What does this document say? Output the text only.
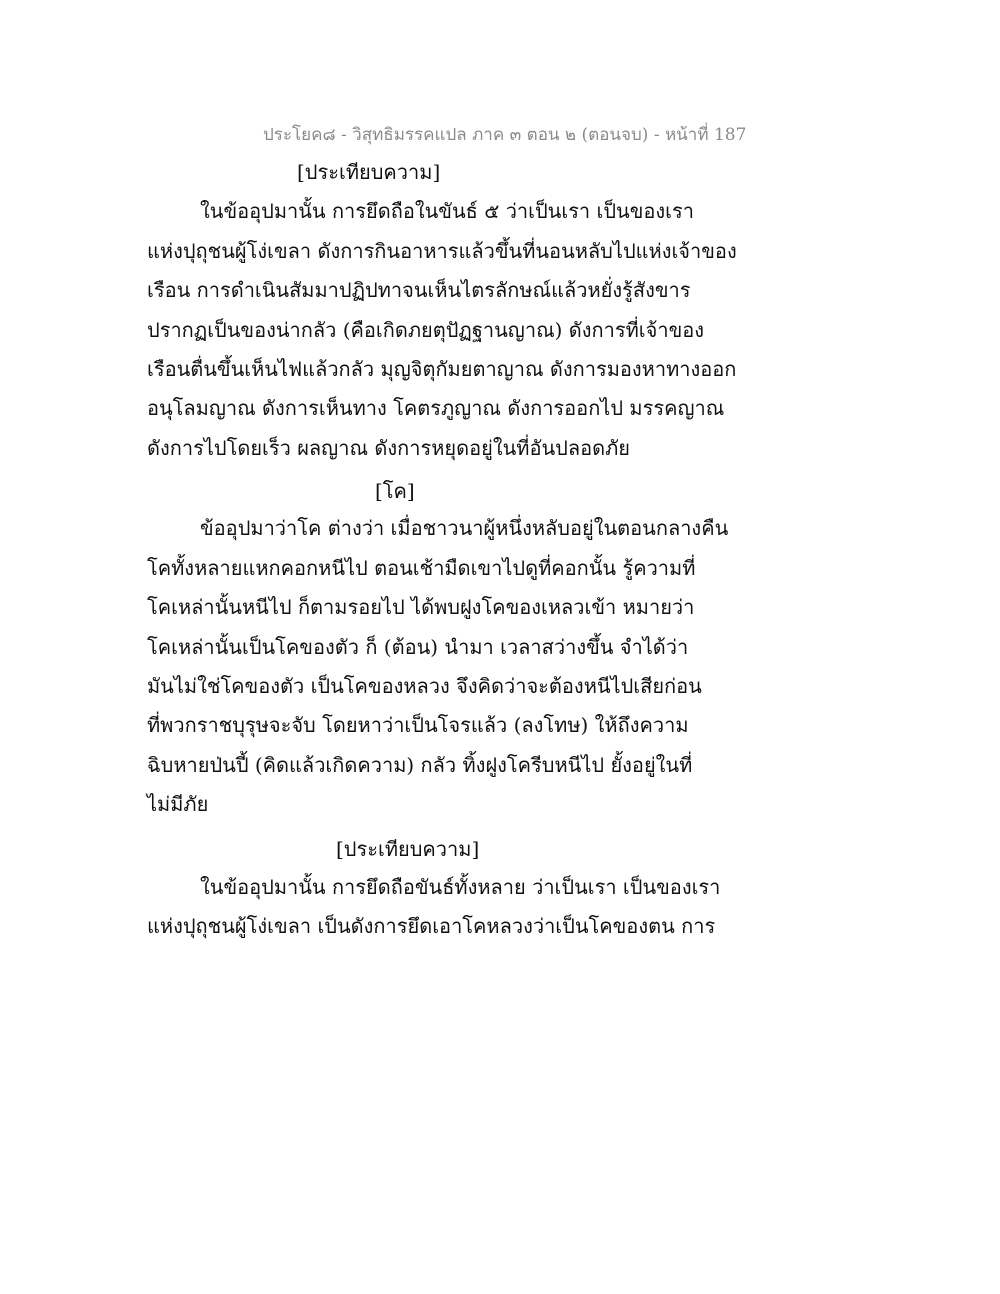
ประโยค๘ - วิสุทธิมรรคแปล ภาค ๓ ตอน ๒ (ตอนจบ) - หน้าที่ 187
[ประเทียบความ]
ในข้ออุปมานั้น การยึดถือในขันธ์ ๕ ว่าเป็นเรา เป็นของเรา
แห่งปุถุชนผู้โง่เขลา ดังการกินอาหารแล้วขึ้นที่นอนหลับไปแห่งเจ้าของ
เรือน การดำเนินสัมมาปฏิปทาจนเห็นไตรลักษณ์แล้วหยั่งรู้สังขาร
ปรากฏเป็นของน่ากลัว (คือเกิดภยตุปัฏฐานญาณ) ดังการที่เจ้าของ
เรือนตื่นขึ้นเห็นไฟแล้วกลัว มุญจิตุกัมยตาญาณ ดังการมองหาทางออก
อนุโลมญาณ ดังการเห็นทาง โคตรภูญาณ ดังการออกไป มรรคญาณ
ดังการไปโดยเร็ว ผลญาณ ดังการหยุดอยู่ในที่อันปลอดภัย
[โค]
ข้ออุปมาว่าโค ต่างว่า เมื่อชาวนาผู้หนึ่งหลับอยู่ในตอนกลางคืน
โคทั้งหลายแหกคอกหนีไป ตอนเช้ามืดเขาไปดูที่คอกนั้น รู้ความที่
โคเหล่านั้นหนีไป ก็ตามรอยไป ได้พบฝูงโคของเหลวเข้า หมายว่า
โคเหล่านั้นเป็นโคของตัว ก็ (ต้อน) นำมา เวลาสว่างขึ้น จำได้ว่า
มันไม่ใช่โคของตัว เป็นโคของหลวง จึงคิดว่าจะต้องหนีไปเสียก่อน
ที่พวกราชบุรุษจะจับ โดยหาว่าเป็นโจรแล้ว (ลงโทษ) ให้ถึงความ
ฉิบหายป่นปี้ (คิดแล้วเกิดความ) กลัว ทิ้งฝูงโครีบหนีไป ยั้งอยู่ในที่
ไม่มีภัย
[ประเทียบความ]
ในข้ออุปมานั้น การยึดถือขันธ์ทั้งหลาย ว่าเป็นเรา เป็นของเรา
แห่งปุถุชนผู้โง่เขลา เป็นดังการยึดเอาโคหลวงว่าเป็นโคของตน การ
